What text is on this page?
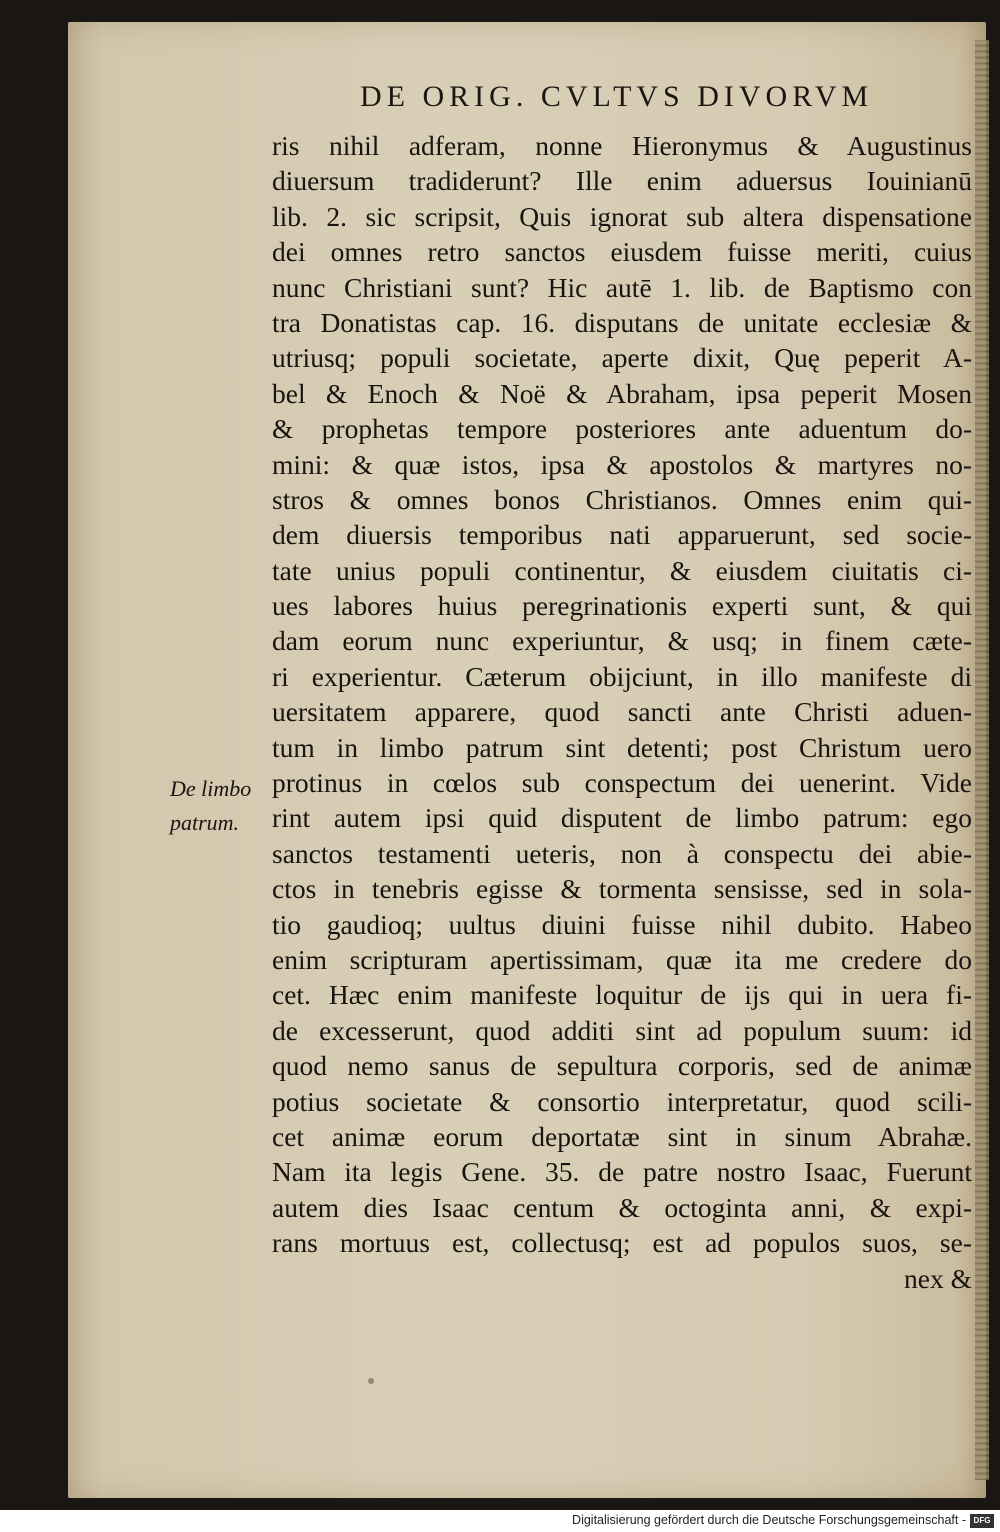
DE ORIG. CVLTVS DIVORVM
De limbo
patrum.
ris nihil adferam, nonne Hieronymus & Augustinus
diuersum tradiderunt? Ille enim aduersus Iouinianū
lib. 2. sic scripsit, Quis ignorat sub altera dispensatione
dei omnes retro sanctos eiusdem fuisse meriti, cuius
nunc Christiani sunt? Hic autē 1. lib. de Baptismo con
tra Donatistas cap. 16. disputans de unitate ecclesiæ &
utriusq; populi societate, aperte dixit, Quę peperit A-
bel & Enoch & Noë & Abraham, ipsa peperit Mosen
& prophetas tempore posteriores ante aduentum do-
mini: & quæ istos, ipsa & apostolos & martyres no-
stros & omnes bonos Christianos. Omnes enim qui-
dem diuersis temporibus nati apparuerunt, sed socie-
tate unius populi continentur, & eiusdem ciuitatis ci-
ues labores huius peregrinationis experti sunt, & qui
dam eorum nunc experiuntur, & usq; in finem cæte-
ri experientur. Cæterum obijciunt, in illo manifeste di
uersitatem apparere, quod sancti ante Christi aduen-
tum in limbo patrum sint detenti; post Christum uero
protinus in cœlos sub conspectum dei uenerint. Vide
rint autem ipsi quid disputent de limbo patrum: ego
sanctos testamenti ueteris, non à conspectu dei abie-
ctos in tenebris egisse & tormenta sensisse, sed in sola-
tio gaudioq; uultus diuini fuisse nihil dubito. Habeo
enim scripturam apertissimam, quæ ita me credere do
cet. Hæc enim manifeste loquitur de ijs qui in uera fi-
de excesserunt, quod additi sint ad populum suum: id
quod nemo sanus de sepultura corporis, sed de animæ
potius societate & consortio interpretatur, quod scili-
cet animæ eorum deportatæ sint in sinum Abrahæ.
Nam ita legis Gene. 35. de patre nostro Isaac, Fuerunt
autem dies Isaac centum & octoginta anni, & expi-
rans mortuus est, collectusq; est ad populos suos, se-
nex &
Digitalisierung gefördert durch die Deutsche Forschungsgemeinschaft - DFG
